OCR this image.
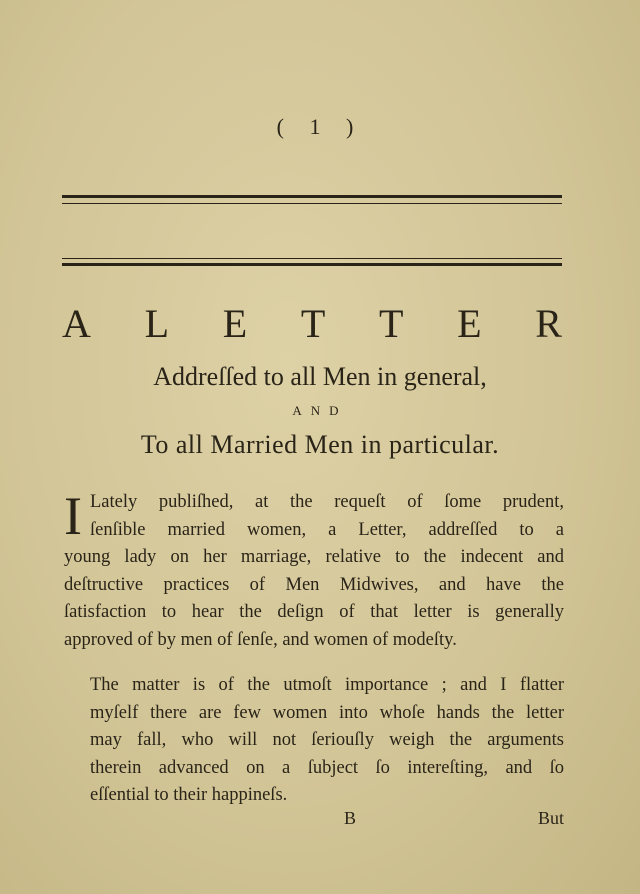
( 1 )
A L E T T E R
Addreſſed to all Men in general,
AND
To all Married Men in particular.
I Lately publiſhed, at the requeſt of ſome prudent,
ſenſible married women, a Letter, addreſſed to a
young lady on her marriage, relative to the indecent and
deſtructive practices of Men Midwives, and have the
ſatisfaction to hear the deſign of that letter is generally
approved of by men of ſenſe, and women of modeſty.
The matter is of the utmoſt importance ; and I flatter
myſelf there are few women into whoſe hands the letter
may fall, who will not ſeriouſly weigh the arguments
therein advanced on a ſubject ſo intereſting, and ſo
eſſential to their happineſs.
B	But
